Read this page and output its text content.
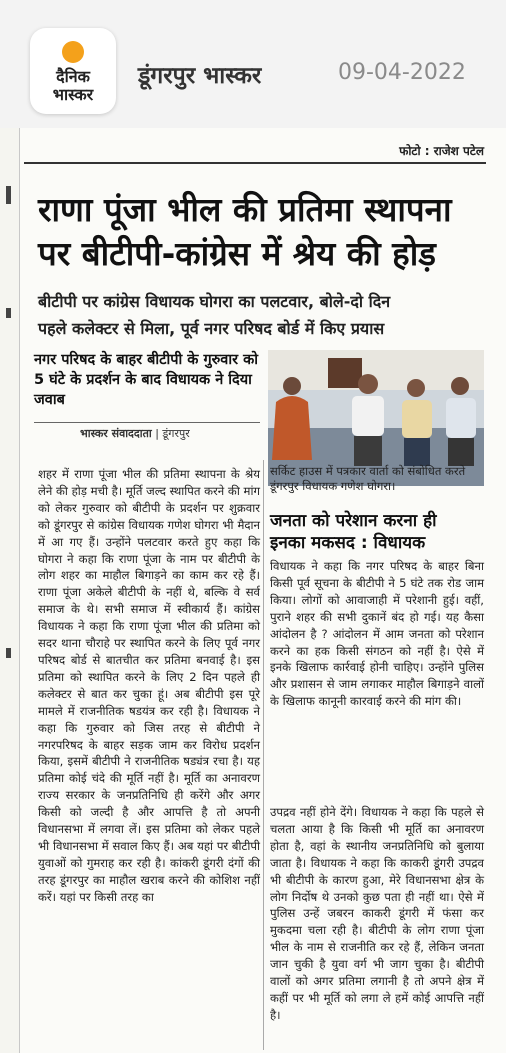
दैनिक
भास्कर
डूंगरपुर भास्कर	09-04-2022
फोटो : राजेश पटेल
राणा पूंजा भील की प्रतिमा स्थापना
पर बीटीपी-कांग्रेस में श्रेय की होड़
बीटीपी पर कांग्रेस विधायक घोगरा का पलटवार, बोले-दो दिन
पहले कलेक्टर से मिला, पूर्व नगर परिषद बोर्ड में किए प्रयास
नगर परिषद के बाहर बीटीपी के गुरुवार को 5 घंटे के प्रदर्शन के बाद विधायक ने दिया जवाब
भास्कर संवाददाता | डूंगरपुर
सर्किट हाउस में पत्रकार वार्ता को संबोधित करते डूंगरपुर विधायक गणेश घोगरा।
शहर में राणा पूंजा भील की प्रतिमा स्थापना के श्रेय लेने की होड़ मची है। मूर्ति जल्द स्थापित करने की मांग को लेकर गुरुवार को बीटीपी के प्रदर्शन पर शुक्रवार को डूंगरपुर से कांग्रेस विधायक गणेश घोगरा भी मैदान में आ गए हैं। उन्होंने पलटवार करते हुए कहा कि घोगरा ने कहा कि राणा पूंजा के नाम पर बीटीपी के लोग शहर का माहौल बिगाड़ने का काम कर रहे हैं। राणा पूंजा अकेले बीटीपी के नहीं थे, बल्कि वे सर्व समाज के थे। सभी समाज में स्वीकार्य हैं। कांग्रेस विधायक ने कहा कि राणा पूंजा भील की प्रतिमा को सदर थाना चौराहे पर स्थापित करने के लिए पूर्व नगर परिषद बोर्ड से बातचीत कर प्रतिमा बनवाई है। इस प्रतिमा को स्थापित करने के लिए 2 दिन पहले ही कलेक्टर से बात कर चुका हूं। अब बीटीपी इस पूरे मामले में राजनीतिक षडयंत्र कर रही है। विधायक ने कहा कि गुरुवार को जिस तरह से बीटीपी ने नगरपरिषद के बाहर सड़क जाम कर विरोध प्रदर्शन किया, इसमें बीटीपी ने राजनीतिक षड्यंत्र रचा है। यह प्रतिमा कोई चंदे की मूर्ति नहीं है। मूर्ति का अनावरण राज्य सरकार के जनप्रतिनिधि ही करेंगे और अगर किसी को जल्दी है और आपत्ति है तो अपनी विधानसभा में लगवा लें। इस प्रतिमा को लेकर पहले भी विधानसभा में सवाल किए हैं। अब यहां पर बीटीपी युवाओं को गुमराह कर रही है। कांकरी डूंगरी दंगों की तरह डूंगरपुर का माहौल खराब करने की कोशिश नहीं करें। यहां पर किसी तरह का
जनता को परेशान करना ही
इनका मकसद : विधायक
विधायक ने कहा कि नगर परिषद के बाहर बिना किसी पूर्व सूचना के बीटीपी ने 5 घंटे तक रोड जाम किया। लोगों को आवाजाही में परेशानी हुई। वहीं, पुराने शहर की सभी दुकानें बंद हो गई। यह कैसा आंदोलन है ? आंदोलन में आम जनता को परेशान करने का हक किसी संगठन को नहीं है। ऐसे में इनके खिलाफ कार्रवाई होनी चाहिए। उन्होंने पुलिस और प्रशासन से जाम लगाकर माहौल बिगाड़ने वालों के खिलाफ कानूनी कारवाई करने की मांग की।
उपद्रव नहीं होने देंगे। विधायक ने कहा कि पहले से चलता आया है कि किसी भी मूर्ति का अनावरण होता है, वहां के स्थानीय जनप्रतिनिधि को बुलाया जाता है। विधायक ने कहा कि काकरी डूंगरी उपद्रव भी बीटीपी के कारण हुआ, मेरे विधानसभा क्षेत्र के लोग निर्दोष थे उनको कुछ पता ही नहीं था। ऐसे में पुलिस उन्हें जबरन काकरी डूंगरी में फंसा कर मुकदमा चला रही है। बीटीपी के लोग राणा पूंजा भील के नाम से राजनीति कर रहे हैं, लेकिन जनता जान चुकी है युवा वर्ग भी जाग चुका है। बीटीपी वालों को अगर प्रतिमा लगानी है तो अपने क्षेत्र में कहीं पर भी मूर्ति को लगा ले हमें कोई आपत्ति नहीं है।
